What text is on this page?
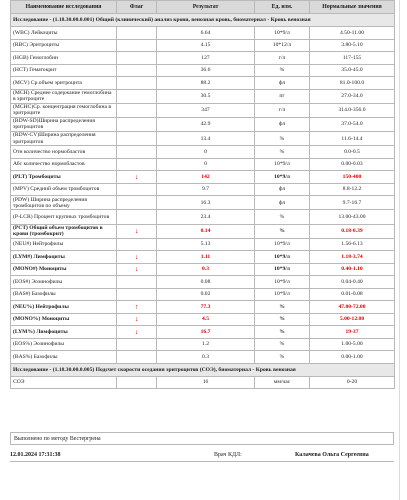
Наименование исследования	Флаг	Результат	Ед. изм.	Нормальные значения
Исследование - (1.18.30.00.0.001) Общий (клинический) анализ крови, венозная кровь, биоматериал - Кровь венозная				
(WBC) Лейкоциты		6.64	10*9/л	4.50-11.00
(RBC) Эритроциты		4.15	10*12/л	3.80-5.10
(HGB) Гемоглобин		127	г/л	117-155
(HCT) Гематокрит		36.6	%	35.0-45.0
(MCV) Ср.объем эритроцита		88.2	фл	81.0-100.0
(MCH) Среднее содержание гемоглобина в эритроците		30.5	пг	27.0-34.0
(MCHC)Ср. концентрация гемоглобина в эритроците		347	г/л	314.0-356.0
(RDW-SD)Ширина распределения эритроцитов		42.9	фл	37.0-54.0
(RDW-CV)Ширина распределения эритроцитов		13.4	%	11.6-14.4
Отн количество нормобластов		0	%	0.0-0.5
Абс количество нормобластов		0	10*9/л	0.00-0.03
(PLT) Тромбоциты	↓	142	10*9/л	150-400
(MPV) Средний объем тромбоцитов		9.7	фл	8.8-12.2
(PDW) Ширина распределения тромбоцитов по объему		16.3	фл	9.7-16.7
(P-LCR) Процент крупных тромбоцитов		23.4	%	13.00-43.00
(PCT) Общий объем тромбоцитов в крови (тромбокрит)	↓	0.14	%	0.18-0.39
(NEU#) Нейтрофилы		5.13	10*9/л	1.56-6.13
(LYM#) Лимфоциты	↓	1.11	10*9/л	1.18-3.74
(MONO#) Моноциты	↓	0.3	10*9/л	0.40-1.10
(EOS#) Эозинофилы		0.08	10*9/л	0.04-0.40
(BAS#) Базофилы		0.02	10*9/л	0.01-0.08
(NEU%) Нейтрофилы	↑	77.3	%	47.00-72.00
(MONO%) Моноциты	↓	4.5	%	5.00-12.00
(LYM%) Лимфоциты	↓	16.7	%	19-37
(EOS%) Эозинофилы		1.2	%	1.00-5.00
(BAS%) Базофилы		0.3	%	0.00-1.00
Исследование - (1.18.30.00.0.005) Подсчет скорости оседания эритроцитов (СОЭ), биоматериал - Кровь венозная				
СОЭ		16	мм/час	0-20
Выполнено по методу Вестергрена
12.01.2024 17:31:38	Врач КДЛ:	Калачева Ольга Сергеевна
